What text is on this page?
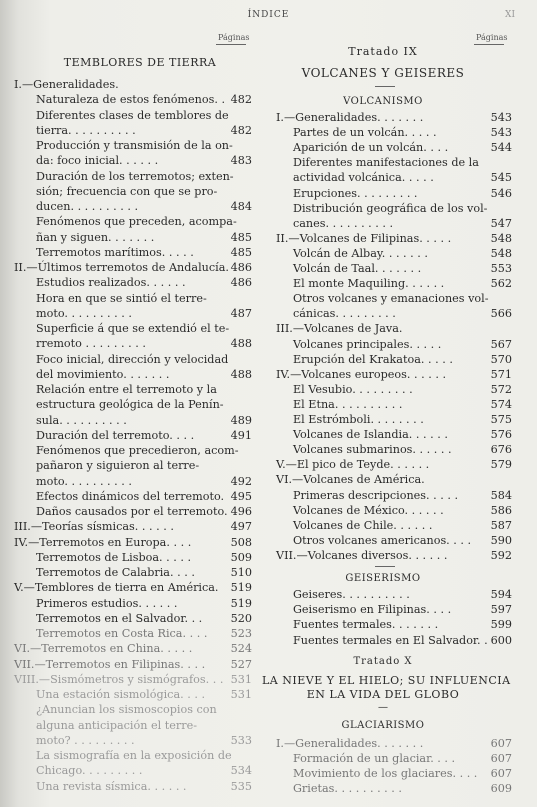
ÍNDICE	XI
Páginas	Páginas
TEMBLORES DE TIERRA
I.—Generalidades.
Naturaleza de estos fenómenos. . 482
Diferentes clases de temblores de
tierra. . . . . . . . . .	482
Producción y transmisión de la on-
da: foco inicial. . . . . .	483
Duración de los terremotos; exten-
sión; frecuencia con que se pro-
ducen. . . . . . . . . .	484
Fenómenos que preceden, acompa-
ñan y siguen. . . . . . .	485
Terremotos marítimos. . . . .	485
II.—Últimos terremotos de Andalucía. 486
Estudios realizados. . . . . .	486
Hora en que se sintió el terre-
moto. . . . . . . . . .	487
Superficie á que se extendió el te-
rremoto . . . . . . . . .	488
Foco inicial, dirección y velocidad
del movimiento. . . . . . .	488
Relación entre el terremoto y la
estructura geológica de la Penín-
sula. . . . . . . . . .	489
Duración del terremoto. . . .	491
Fenómenos que precedieron, acom-
pañaron y siguieron al terre-
moto. . . . . . . . . .	492
Efectos dinámicos del terremoto. 495
Daños causados por el terremoto. 496
III.—Teorías sísmicas. . . . . .	497
IV.—Terremotos en Europa. . . .	508
Terremotos de Lisboa. . . . .	509
Terremotos de Calabria. . . .	510
V.—Temblores de tierra en América.	519
Primeros estudios. . . . . .	519
Terremotos en el Salvador. . .	520
Terremotos en Costa Rica. . . .	523
VI.—Terremotos en China. . . . .	524
VII.—Terremotos en Filipinas. . . .	527
VIII.—Sismómetros y sismógrafos. . . 531
Una estación sismológica. . . .	531
¿Anuncian los sismoscopios con
alguna anticipación el terre-
moto? . . . . . . . . .	533
La sismografía en la exposición de
Chicago. . . . . . . . .	534
Una revista sísmica. . . . . .	535
Tratado IX
VOLCANES Y GEISERES
VOLCANISMO
I.—Generalidades. . . . . . .	543
Partes de un volcán. . . . .	543
Aparición de un volcán. . . .	544
Diferentes manifestaciones de la
actividad volcánica. . . . .	545
Erupciones. . . . . . . . .	546
Distribución geográfica de los vol-
canes. . . . . . . . . .	547
II.—Volcanes de Filipinas. . . . .	548
Volcán de Albay. . . . . . .	548
Volcán de Taal. . . . . . .	553
El monte Maquiling. . . . . .	562
Otros volcanes y emanaciones vol-
cánicas. . . . . . . . .	566
III.—Volcanes de Java.
Volcanes principales. . . . .	567
Erupción del Krakatoa. . . . .	570
IV.—Volcanes europeos. . . . . .	571
El Vesubio. . . . . . . . .	572
El Etna. . . . . . . . . .	574
El Estrómboli. . . . . . . .	575
Volcanes de Islandia. . . . . .	576
Volcanes submarinos. . . . . .	676
V.—El pico de Teyde. . . . . .	579
VI.—Volcanes de América.
Primeras descripciones. . . . .	584
Volcanes de México. . . . . .	586
Volcanes de Chile. . . . . .	587
Otros volcanes americanos. . . .	590
VII.—Volcanes diversos. . . . . .	592
GEISERISMO
Geiseres. . . . . . . . . .	594
Geiserismo en Filipinas. . . .	597
Fuentes termales. . . . . . .	599
Fuentes termales en El Salvador. . 600
Tratado X
LA NIEVE Y EL HIELO; SU INFLUENCIA
EN LA VIDA DEL GLOBO
—
GLACIARISMO
I.—Generalidades. . . . . . .	607
Formación de un glaciar. . . .	607
Movimiento de los glaciares. . . .	607
Grietas. . . . . . . . . .	609
